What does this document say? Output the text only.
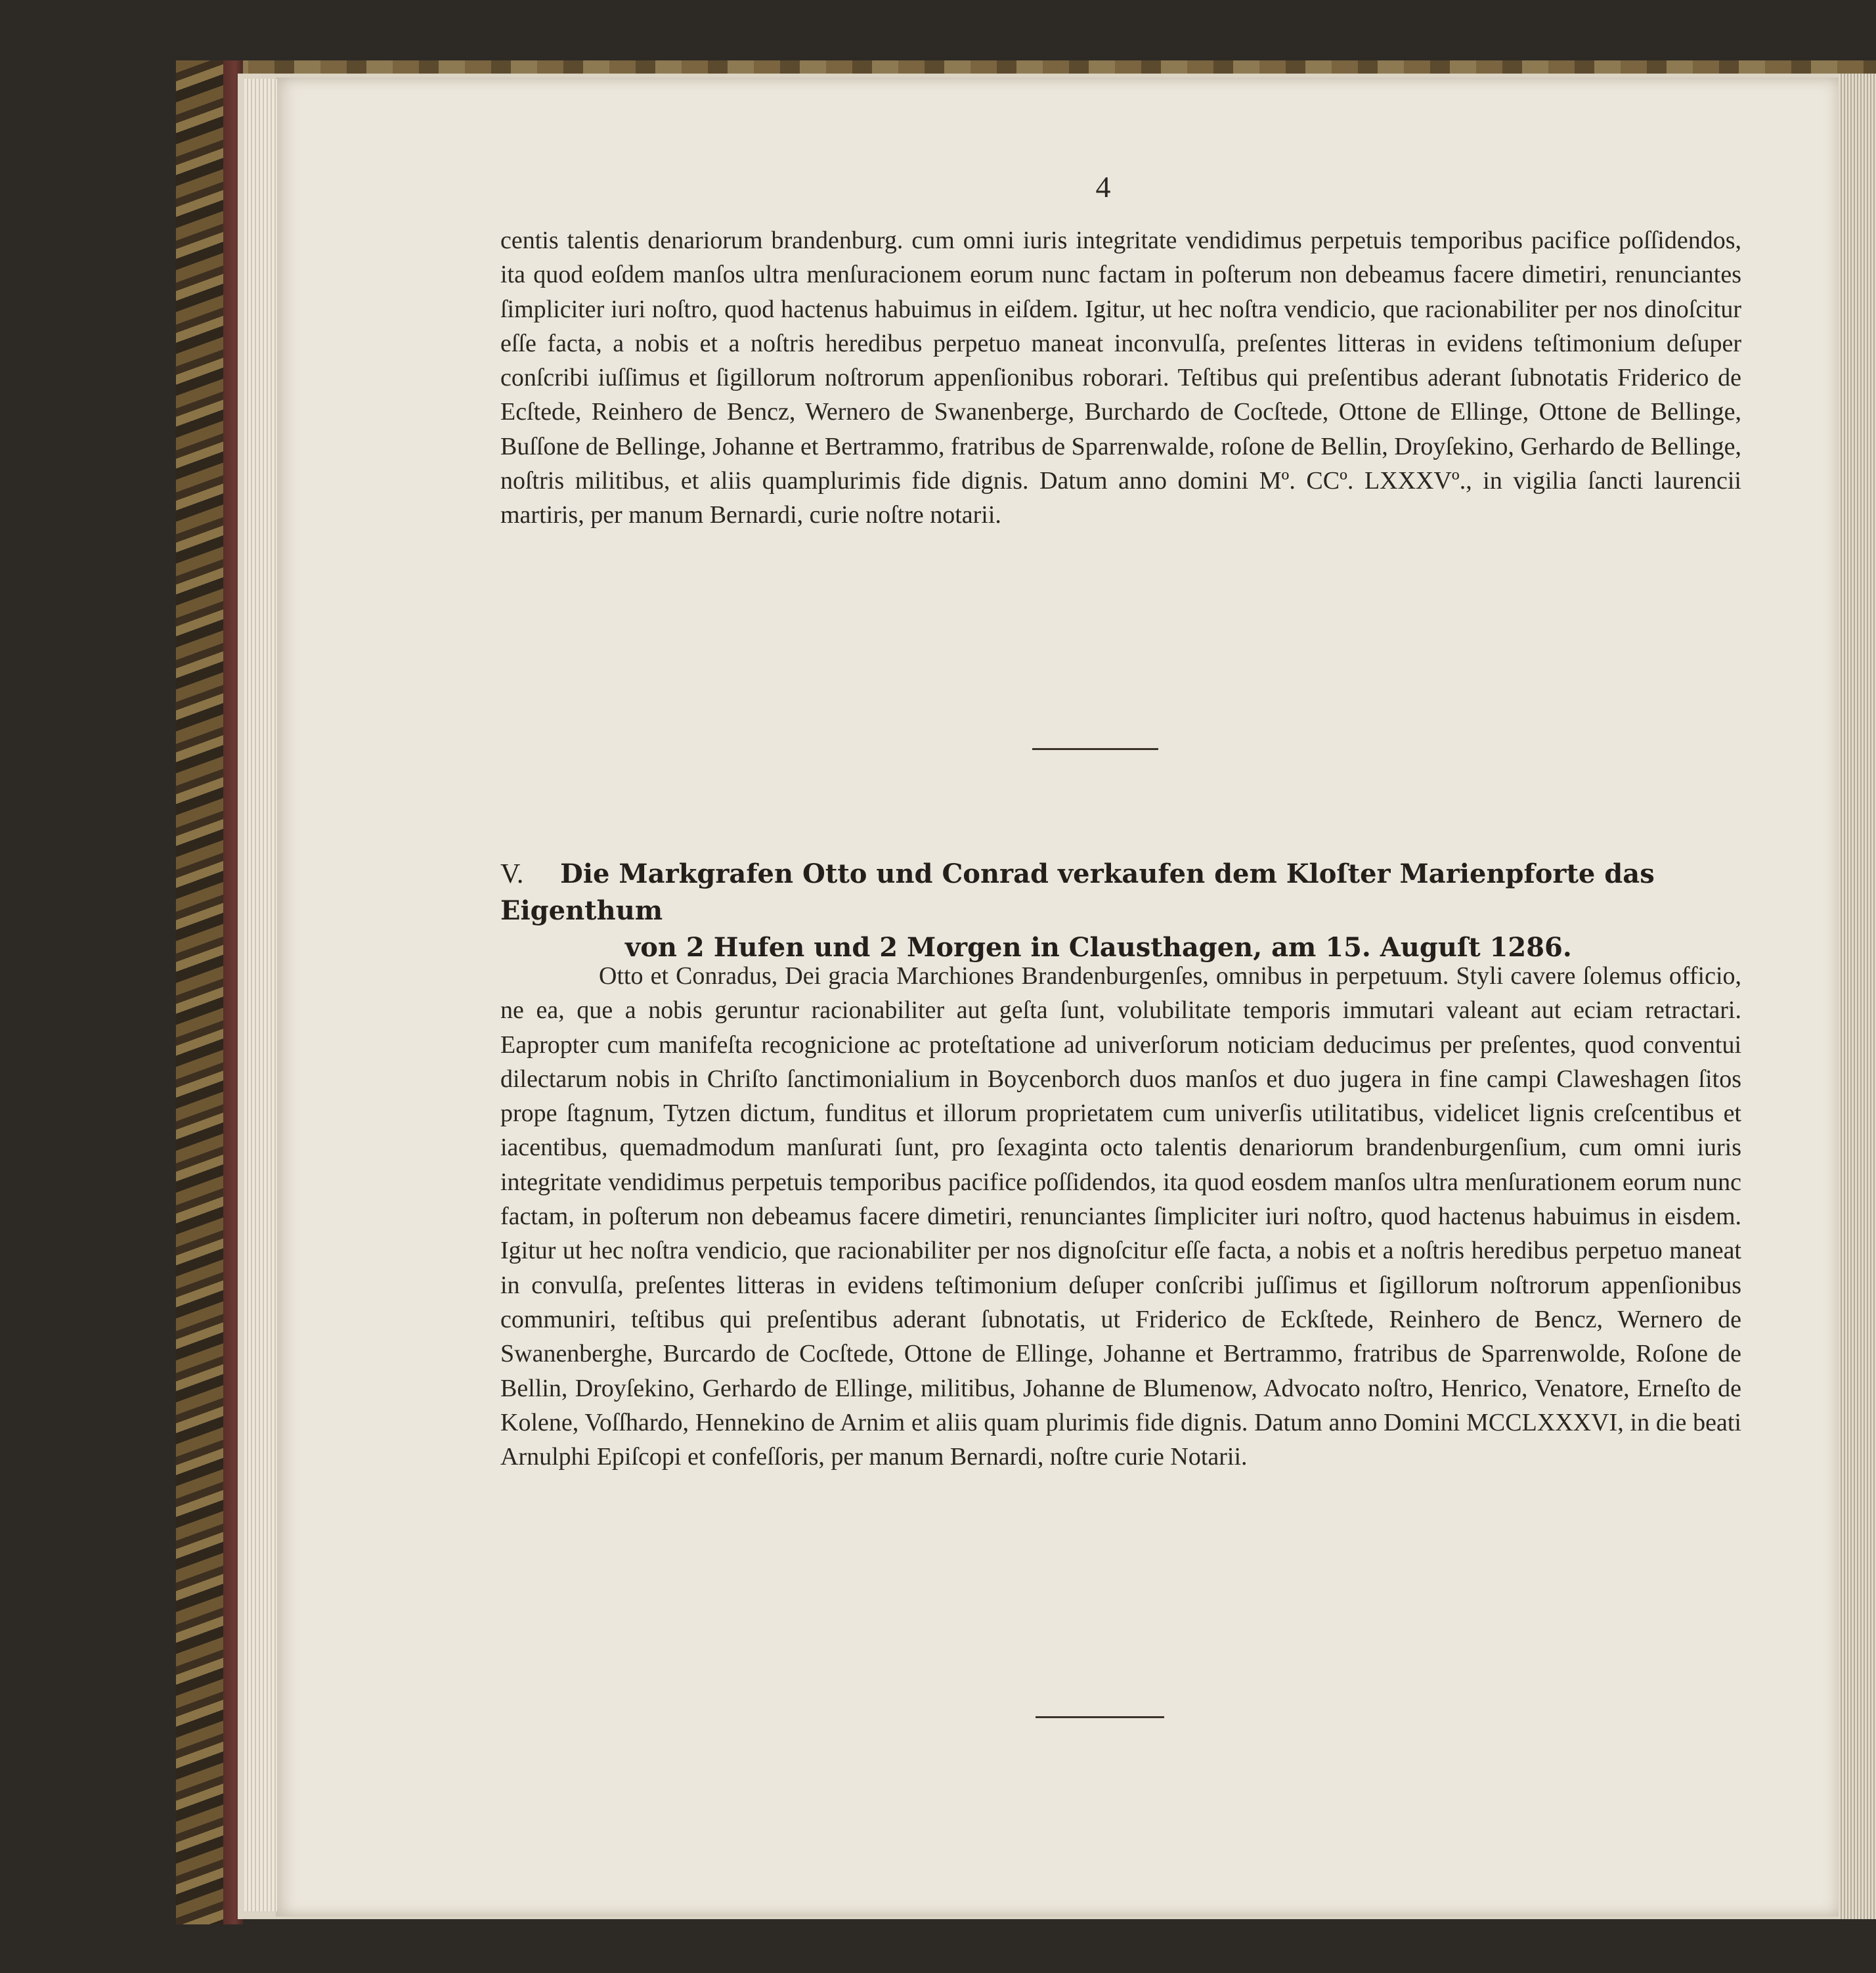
4

centis talentis denariorum brandenburg. cum omni iuris integritate vendidimus perpetuis temporibus pacifice poſſidendos, ita quod eoſdem manſos ultra menſuracionem eorum nunc factam in poſterum non debeamus facere dimetiri, renunciantes ſimpliciter iuri noſtro, quod hactenus habuimus in eiſdem. Igitur, ut hec noſtra vendicio, que racionabiliter per nos dinoſcitur eſſe facta, a nobis et a noſtris heredibus perpetuo maneat inconvulſa, preſentes litteras in evidens teſtimonium deſuper conſcribi iuſſimus et ſigillorum noſtrorum appenſionibus roborari. Teſtibus qui preſentibus aderant ſubnotatis Friderico de Ecſtede, Reinhero de Bencz, Wernero de Swanenberge, Burchardo de Cocſtede, Ottone de Ellinge, Ottone de Bellinge, Buſſone de Bellinge, Johanne et Bertrammo, fratribus de Sparrenwalde, roſone de Bellin, Droyſekino, Gerhardo de Bellinge, noſtris militibus, et aliis quamplurimis fide dignis. Datum anno domini Mº. CCº. LXXXVº., in vigilia ſancti laurencii martiris, per manum Bernardi, curie noſtre notarii.

V. Die Markgrafen Otto und Conrad verkaufen dem Kloſter Marienpforte das Eigenthum
von 2 Hufen und 2 Morgen in Clausthagen, am 15. Auguſt 1286.

Otto et Conradus, Dei gracia Marchiones Brandenburgenſes, omnibus in perpetuum. Styli cavere ſolemus officio, ne ea, que a nobis geruntur racionabiliter aut geſta ſunt, volubilitate temporis immutari valeant aut eciam retractari. Eapropter cum manifeſta recognicione ac proteſtatione ad univerſorum noticiam deducimus per preſentes, quod conventui dilectarum nobis in Chriſto ſanctimonialium in Boycenborch duos manſos et duo jugera in fine campi Claweshagen ſitos prope ſtagnum, Tytzen dictum, funditus et illorum proprietatem cum univerſis utilitatibus, videlicet lignis creſcentibus et iacentibus, quemadmodum manſurati ſunt, pro ſexaginta octo talentis denariorum brandenburgenſium, cum omni iuris integritate vendidimus perpetuis temporibus pacifice poſſidendos, ita quod eosdem manſos ultra menſurationem eorum nunc factam, in poſterum non debeamus facere dimetiri, renunciantes ſimpliciter iuri noſtro, quod hactenus habuimus in eisdem. Igitur ut hec noſtra vendicio, que racionabiliter per nos dignoſcitur eſſe facta, a nobis et a noſtris heredibus perpetuo maneat in convulſa, preſentes litteras in evidens teſtimonium deſuper conſcribi juſſimus et ſigillorum noſtrorum appenſionibus communiri, teſtibus qui preſentibus aderant ſubnotatis, ut Friderico de Eckſtede, Reinhero de Bencz, Wernero de Swanenberghe, Burcardo de Cocſtede, Ottone de Ellinge, Johanne et Bertrammo, fratribus de Sparrenwolde, Roſone de Bellin, Droyſekino, Gerhardo de Ellinge, militibus, Johanne de Blumenow, Advocato noſtro, Henrico, Venatore, Erneſto de Kolene, Voſſhardo, Hennekino de Arnim et aliis quam plurimis fide dignis. Datum anno Domini MCCLXXXVI, in die beati Arnulphi Epiſcopi et confeſſoris, per manum Bernardi, noſtre curie Notarii.
